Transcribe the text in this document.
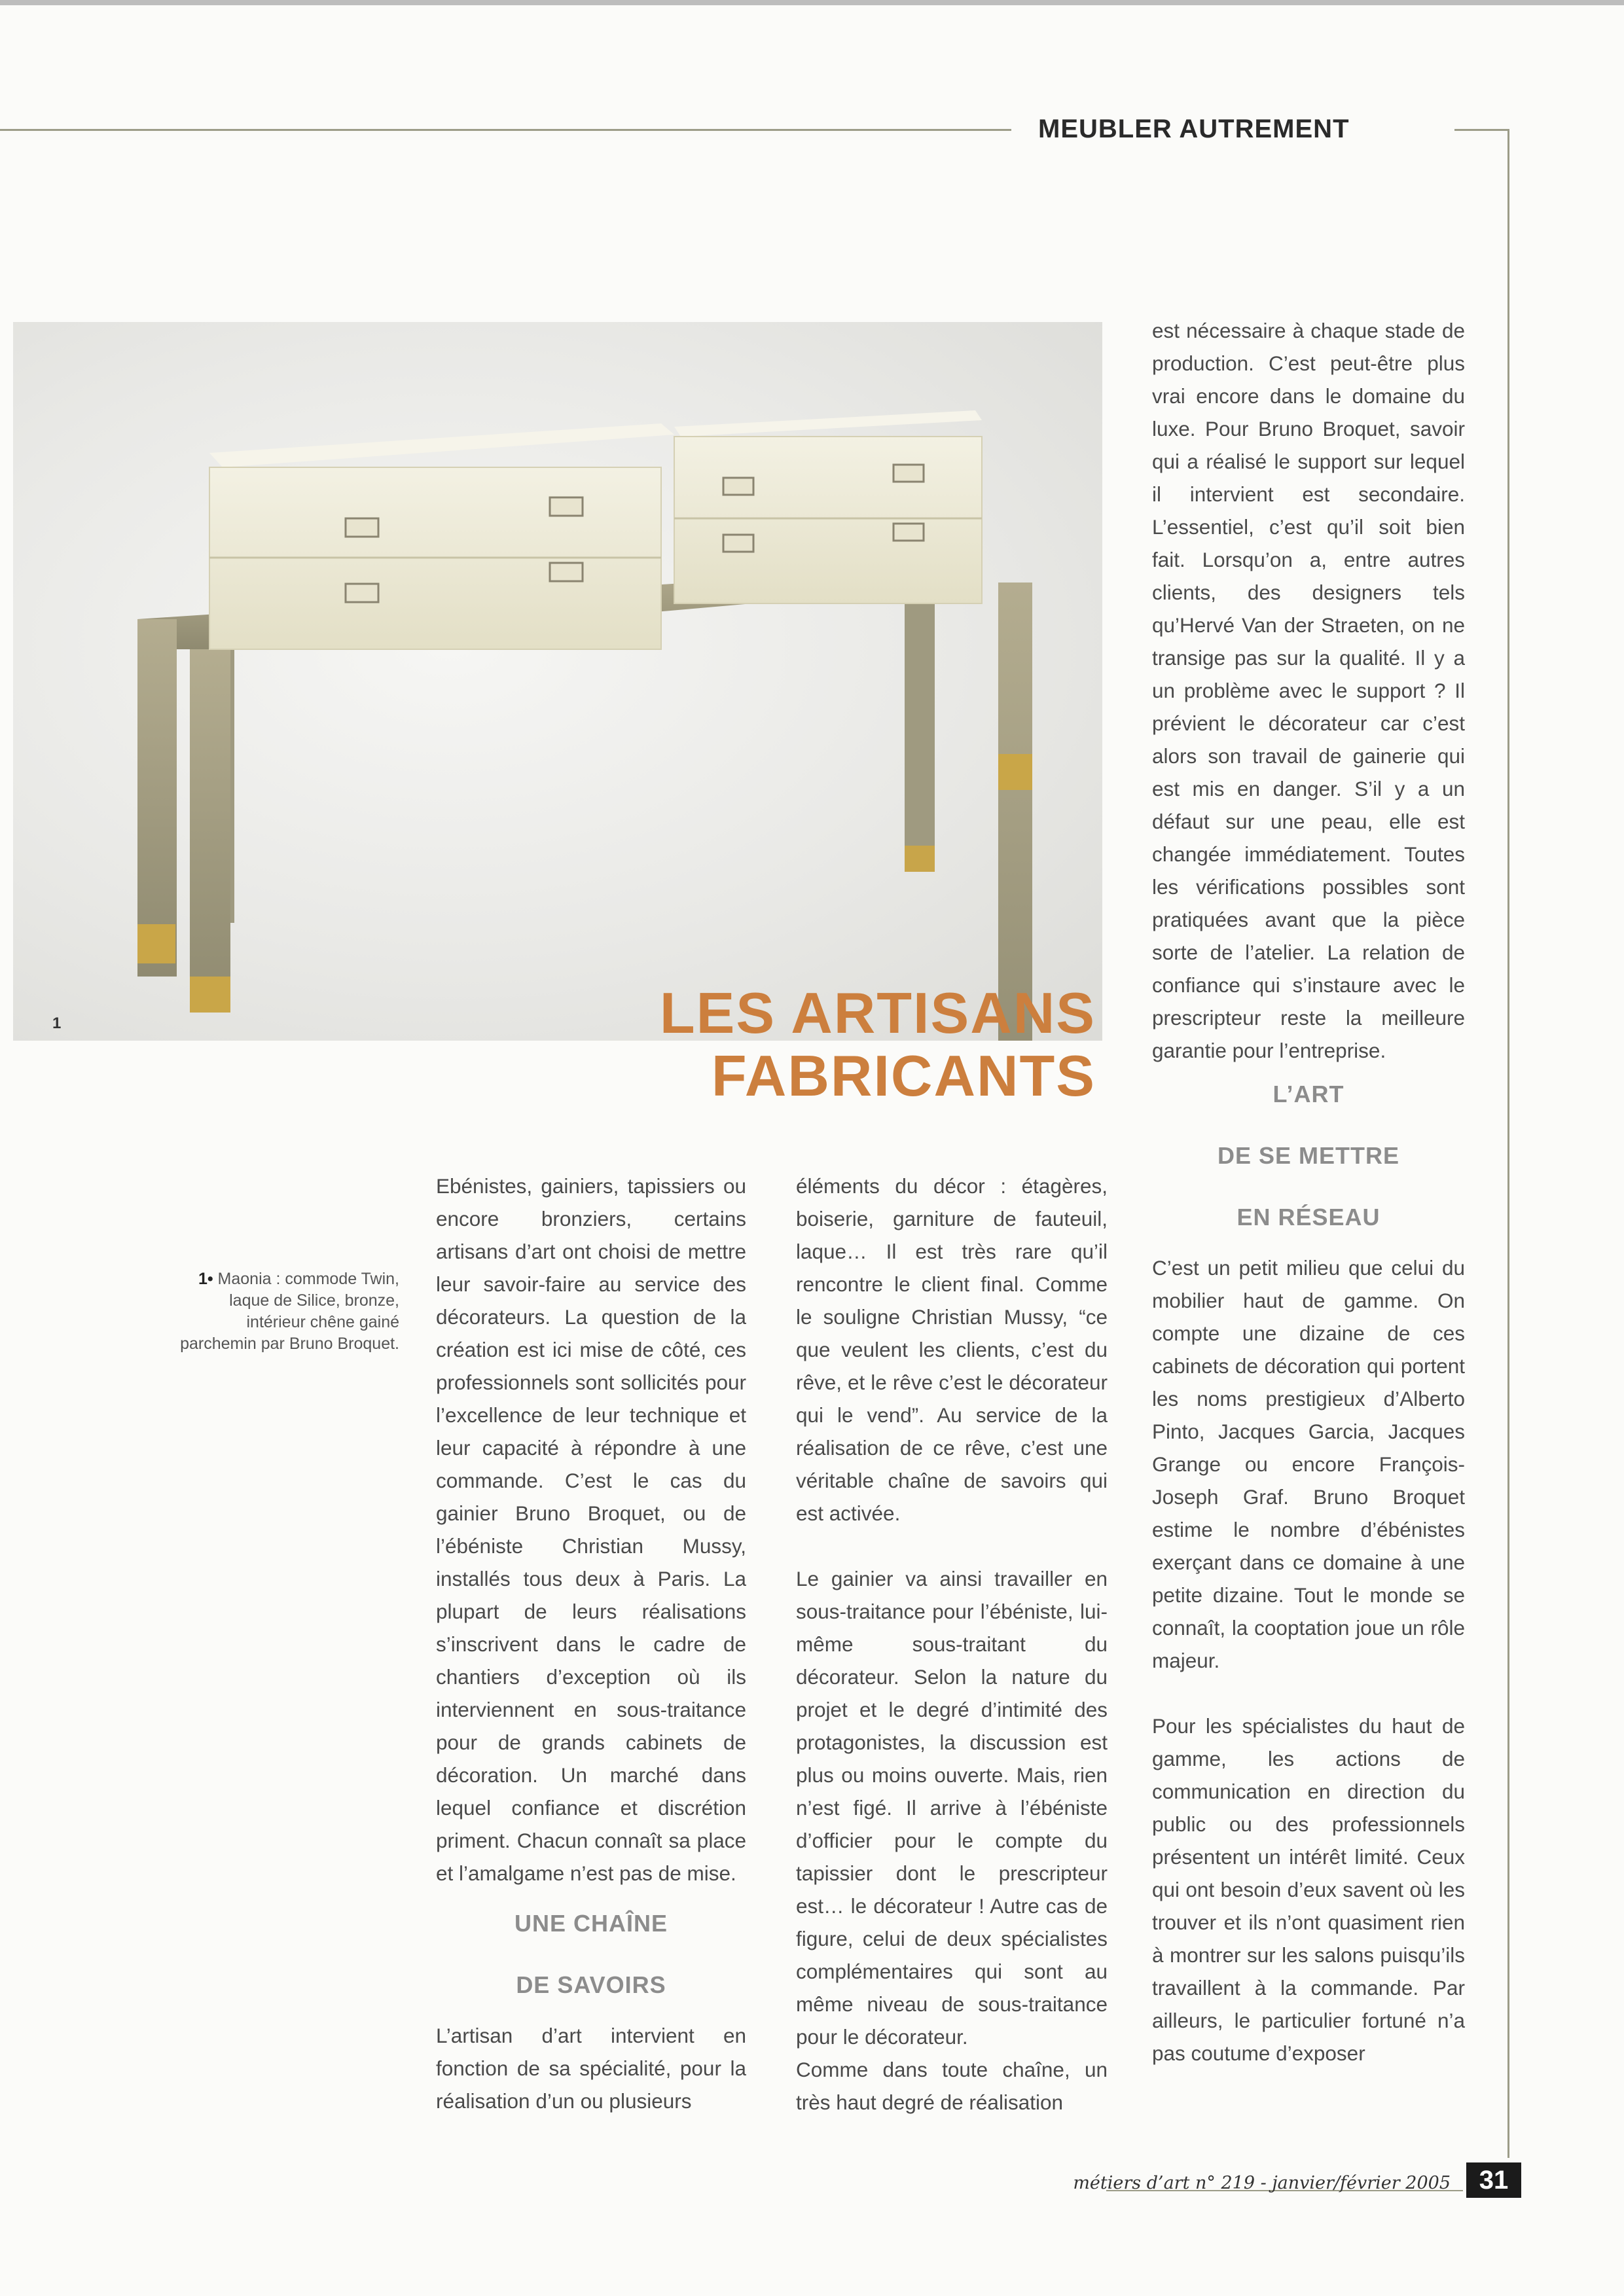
MEUBLER AUTREMENT
1	LES ARTISANS
FABRICANTS
1• Maonia : commode Twin, laque de Silice, bronze, intérieur chêne gainé parchemin par Bruno Broquet.

Ebénistes, gainiers, tapissiers ou encore bronziers, certains artisans d’art ont choisi de mettre leur savoir-faire au service des décorateurs. La question de la création est ici mise de côté, ces professionnels sont sollicités pour l’excellence de leur technique et leur capacité à répondre à une commande. C’est le cas du gainier Bruno Broquet, ou de l’ébéniste Christian Mussy, installés tous deux à Paris. La plupart de leurs réalisations s’inscrivent dans le cadre de chantiers d’exception où ils interviennent en sous-traitance pour de grands cabinets de décoration. Un marché dans lequel confiance et discrétion priment. Chacun connaît sa place et l’amalgame n’est pas de mise.

UNE CHAÎNE

DE SAVOIRS

L’artisan d’art intervient en fonction de sa spécialité, pour la réalisation d’un ou plusieurs

éléments du décor : étagères, boiserie, garniture de fauteuil, laque… Il est très rare qu’il rencontre le client final. Comme le souligne Christian Mussy, “ce que veulent les clients, c’est du rêve, et le rêve c’est le décorateur qui le vend”. Au service de la réalisation de ce rêve, c’est une véritable chaîne de savoirs qui est activée.

Le gainier va ainsi travailler en sous-traitance pour l’ébéniste, lui-même sous-traitant du décorateur. Selon la nature du projet et le degré d’intimité des protagonistes, la discussion est plus ou moins ouverte. Mais, rien n’est figé. Il arrive à l’ébéniste d’officier pour le compte du tapissier dont le prescripteur est… le décorateur ! Autre cas de figure, celui de deux spécialistes complémentaires qui sont au même niveau de sous-traitance pour le décorateur.

Comme dans toute chaîne, un très haut degré de réalisation

est nécessaire à chaque stade de production. C’est peut-être plus vrai encore dans le domaine du luxe. Pour Bruno Broquet, savoir qui a réalisé le support sur lequel il intervient est secondaire. L’essentiel, c’est qu’il soit bien fait. Lorsqu’on a, entre autres clients, des designers tels qu’Hervé Van der Straeten, on ne transige pas sur la qualité. Il y a un problème avec le support ? Il prévient le décorateur car c’est alors son travail de gainerie qui est mis en danger. S’il y a un défaut sur une peau, elle est changée immédiatement. Toutes les vérifications possibles sont pratiquées avant que la pièce sorte de l’atelier. La relation de confiance qui s’instaure avec le prescripteur reste la meilleure garantie pour l’entreprise.

L’ART

DE SE METTRE

EN RÉSEAU

C’est un petit milieu que celui du mobilier haut de gamme. On compte une dizaine de ces cabinets de décoration qui portent les noms prestigieux d’Alberto Pinto, Jacques Garcia, Jacques Grange ou encore François-Joseph Graf. Bruno Broquet estime le nombre d’ébénistes exerçant dans ce domaine à une petite dizaine. Tout le monde se connaît, la cooptation joue un rôle majeur.

Pour les spécialistes du haut de gamme, les actions de communication en direction du public ou des professionnels présentent un intérêt limité. Ceux qui ont besoin d’eux savent où les trouver et ils n’ont quasiment rien à montrer sur les salons puisqu’ils travaillent à la commande. Par ailleurs, le particulier fortuné n’a pas coutume d’exposer

métiers d’art n° 219 - janvier/février 2005	31
